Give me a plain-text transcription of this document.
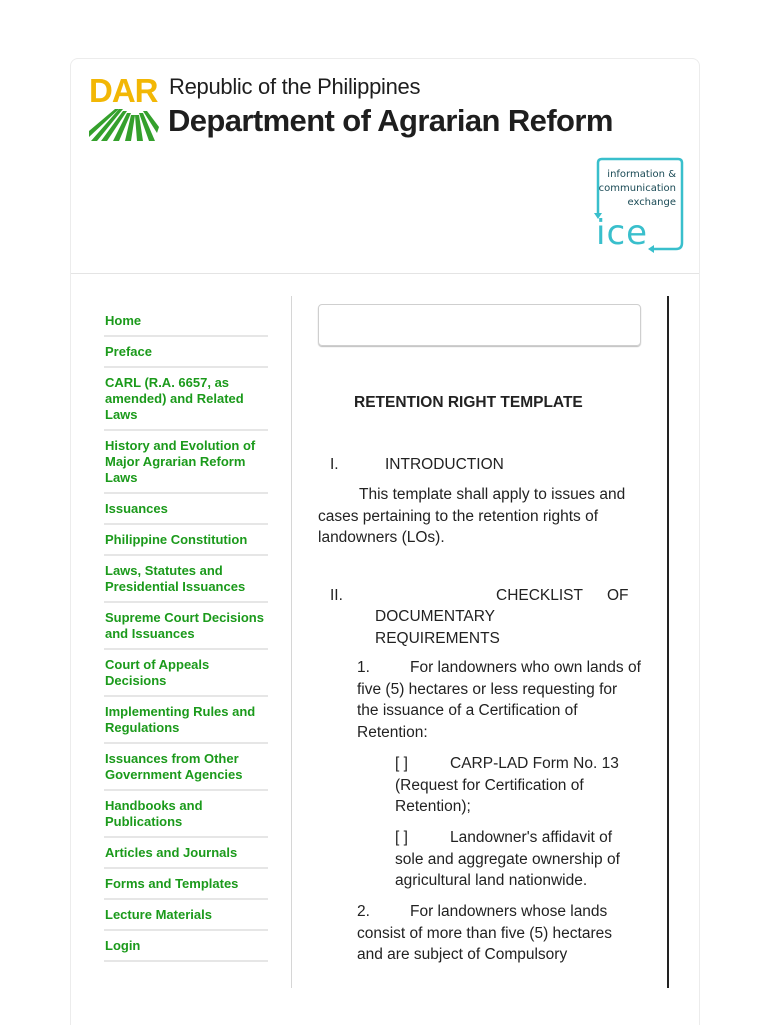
DAR Republic of the Philippines
Department of Agrarian Reform
information &
communication
exchange
ice
Home
Preface
CARL (R.A. 6657, as amended) and Related Laws
History and Evolution of Major Agrarian Reform Laws
Issuances
Philippine Constitution
Laws, Statutes and Presidential Issuances
Supreme Court Decisions and Issuances
Court of Appeals Decisions
Implementing Rules and Regulations
Issuances from Other Government Agencies
Handbooks and Publications
Articles and Journals
Forms and Templates
Lecture Materials
Login
RETENTION RIGHT TEMPLATE
I.	INTRODUCTION
This template shall apply to issues and cases pertaining to the retention rights of landowners (LOs).
II.	CHECKLIST OF
DOCUMENTARY
REQUIREMENTS
1.	For landowners who own lands of five (5) hectares or less requesting for the issuance of a Certification of Retention:
[ ]	CARP-LAD Form No. 13 (Request for Certification of Retention);
[ ]	Landowner's affidavit of sole and aggregate ownership of agricultural land nationwide.
2.	For landowners whose lands consist of more than five (5) hectares and are subject of Compulsory
